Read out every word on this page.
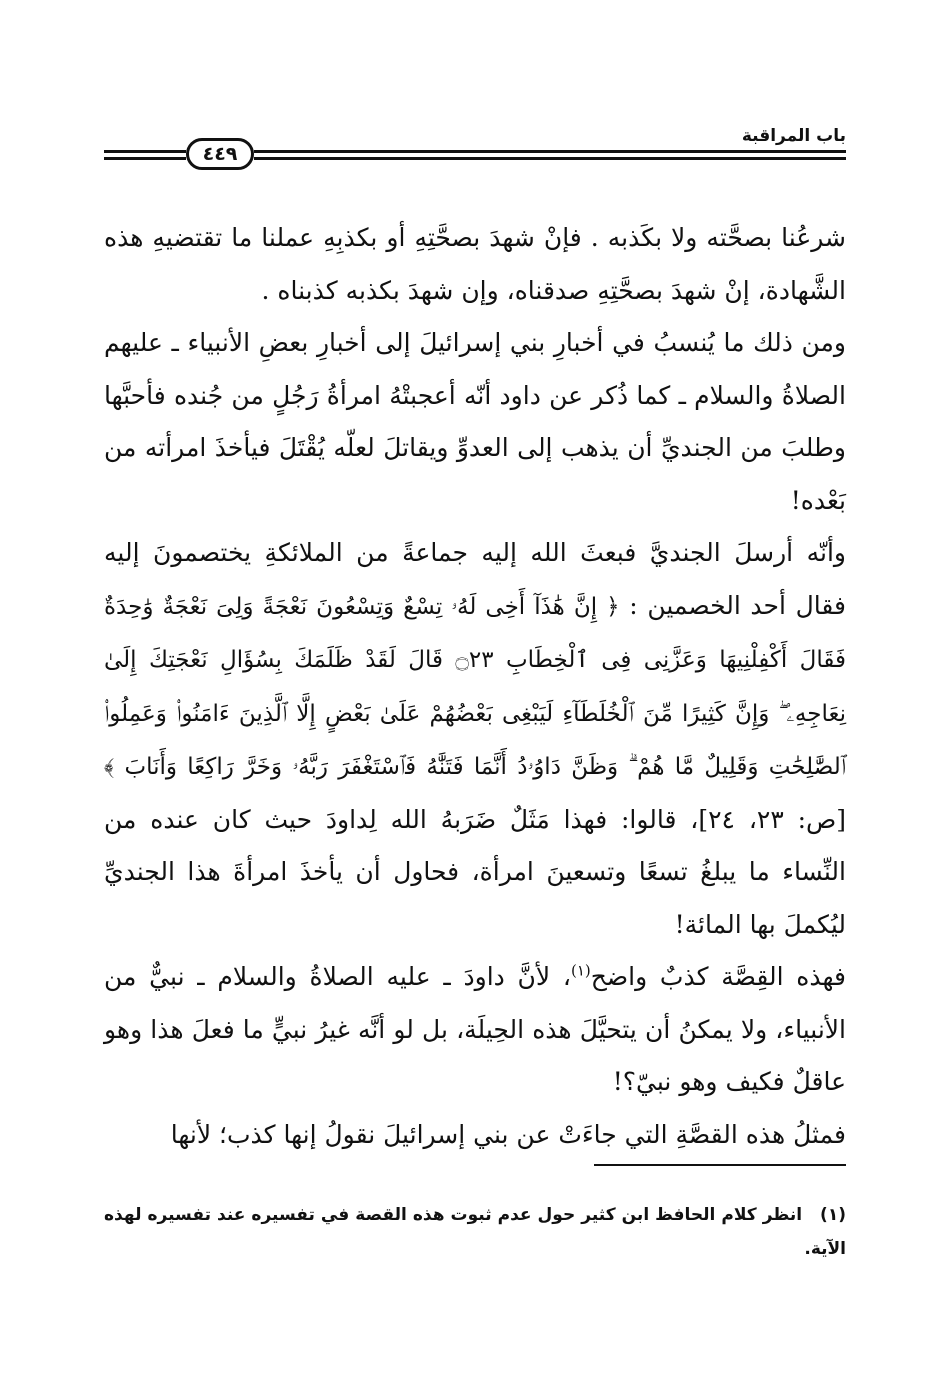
باب المراقبة
٤٤٩

شرعُنا بصحَّته ولا بكَذبه . فإنْ شهدَ بصحَّتِهِ أو بكذبِهِ عملنا ما تقتضيهِ هذه الشَّهادة، إنْ شهدَ بصحَّتِهِ صدقناه، وإن شهدَ بكذبه كذبناه .

ومن ذلك ما يُنسبُ في أخبارِ بني إسرائيلَ إلى أخبارِ بعضِ الأنبياء ـ عليهم الصلاةُ والسلام ـ كما ذُكر عن داود أنّه أعجبتْهُ امرأةُ رَجُلٍ من جُنده فأحبَّها وطلبَ من الجنديِّ أن يذهب إلى العدوِّ ويقاتلَ لعلّه يُقْتَلَ فيأخذَ امرأته من بَعْده!

وأنّه أرسلَ الجنديَّ فبعثَ الله إليه جماعةً من الملائكةِ يختصمونَ إليه فقال أحد الخصمين : ﴿ إِنَّ هَٰذَآ أَخِى لَهُۥ تِسْعٌ وَتِسْعُونَ نَعْجَةً وَلِىَ نَعْجَةٌ وَٰحِدَةٌ فَقَالَ أَكْفِلْنِيهَا وَعَزَّنِى فِى ٱلْخِطَابِ ۝٢٣ قَالَ لَقَدْ ظَلَمَكَ بِسُؤَالِ نَعْجَتِكَ إِلَىٰ نِعَاجِهِۦ ۖ وَإِنَّ كَثِيرًا مِّنَ ٱلْخُلَطَآءِ لَيَبْغِى بَعْضُهُمْ عَلَىٰ بَعْضٍ إِلَّا ٱلَّذِينَ ءَامَنُوا۟ وَعَمِلُوا۟ ٱلصَّٰلِحَٰتِ وَقَلِيلٌ مَّا هُمْ ۗ وَظَنَّ دَاوُۥدُ أَنَّمَا فَتَنَّٰهُ فَٱسْتَغْفَرَ رَبَّهُۥ وَخَرَّ رَاكِعًا وَأَنَابَ ﴾ [ص: ٢٣، ٢٤]، قالوا: فهذا مَثَلٌ ضَرَبهُ الله لِداودَ حيث كان عنده من النِّساء ما يبلغُ تسعًا وتسعينَ امرأة، فحاول أن يأخذَ امرأةَ هذا الجنديِّ ليُكملَ بها المائة!

فهذه القِصَّة كذبٌ واضح$^{(١)}$، لأنَّ داودَ ـ عليه الصلاةُ والسلام ـ نبيٌّ من الأنبياء، ولا يمكنُ أن يتحيَّلَ هذه الحِيلَة، بل لو أنَّه غيرُ نبيٍّ ما فعلَ هذا وهو عاقلٌ فكيف وهو نبيّ؟!

فمثلُ هذه القصَّةِ التي جاءَتْ عن بني إسرائيلَ نقولُ إنها كذب؛ لأنها

(١)انظر كلام الحافظ ابن كثير حول عدم ثبوت هذه القصة في تفسيره عند تفسيره لهذه الآية.
